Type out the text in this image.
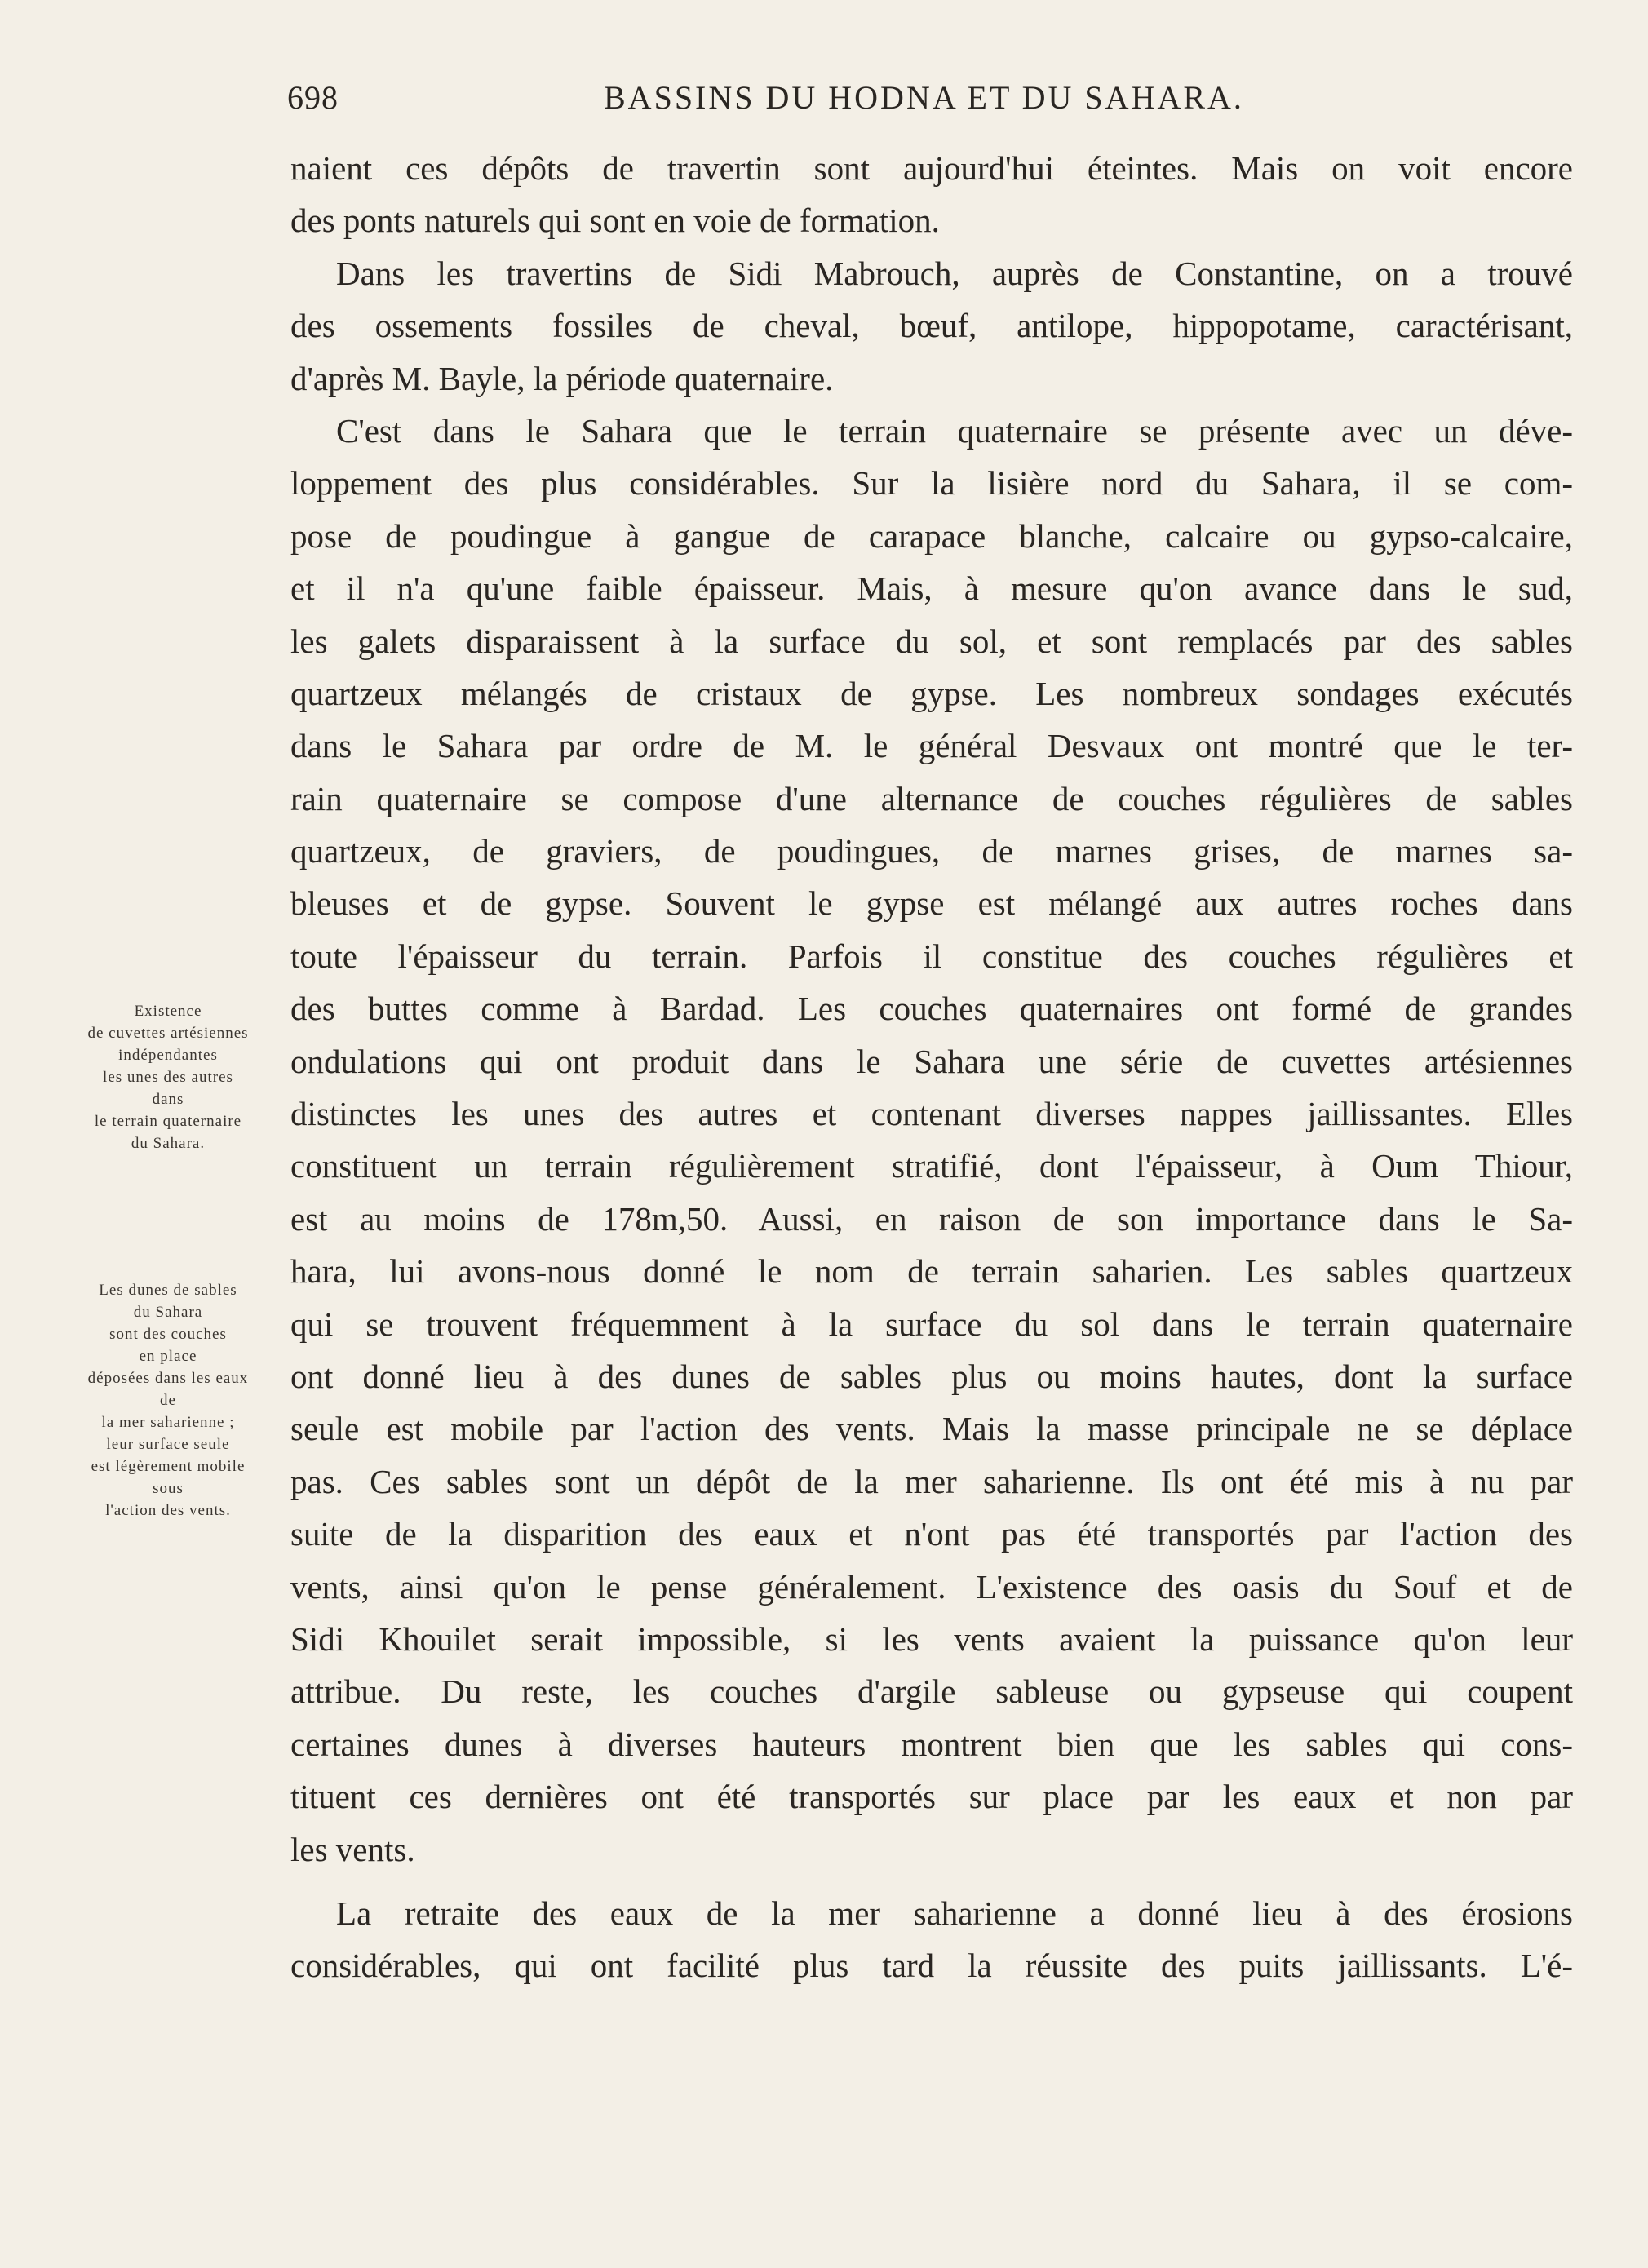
698	BASSINS DU HODNA ET DU SAHARA.
Existence
de cuvettes artésiennes
indépendantes
les unes des autres
dans
le terrain quaternaire
du Sahara.
Les dunes de sables
du Sahara
sont des couches
en place
déposées dans les eaux
de
la mer saharienne ;
leur surface seule
est légèrement mobile
sous
l'action des vents.
naient ces dépôts de travertin sont aujourd'hui éteintes. Mais on voit encore
des ponts naturels qui sont en voie de formation.
Dans les travertins de Sidi Mabrouch, auprès de Constantine, on a trouvé
des ossements fossiles de cheval, bœuf, antilope, hippopotame, caractérisant,
d'après M. Bayle, la période quaternaire.
C'est dans le Sahara que le terrain quaternaire se présente avec un déve-
loppement des plus considérables. Sur la lisière nord du Sahara, il se com-
pose de poudingue à gangue de carapace blanche, calcaire ou gypso-calcaire,
et il n'a qu'une faible épaisseur. Mais, à mesure qu'on avance dans le sud,
les galets disparaissent à la surface du sol, et sont remplacés par des sables
quartzeux mélangés de cristaux de gypse. Les nombreux sondages exécutés
dans le Sahara par ordre de M. le général Desvaux ont montré que le ter-
rain quaternaire se compose d'une alternance de couches régulières de sables
quartzeux, de graviers, de poudingues, de marnes grises, de marnes sa-
bleuses et de gypse. Souvent le gypse est mélangé aux autres roches dans
toute l'épaisseur du terrain. Parfois il constitue des couches régulières et
des buttes comme à Bardad. Les couches quaternaires ont formé de grandes
ondulations qui ont produit dans le Sahara une série de cuvettes artésiennes
distinctes les unes des autres et contenant diverses nappes jaillissantes. Elles
constituent un terrain régulièrement stratifié, dont l'épaisseur, à Oum Thiour,
est au moins de 178m,50. Aussi, en raison de son importance dans le Sa-
hara, lui avons-nous donné le nom de terrain saharien. Les sables quartzeux
qui se trouvent fréquemment à la surface du sol dans le terrain quaternaire
ont donné lieu à des dunes de sables plus ou moins hautes, dont la surface
seule est mobile par l'action des vents. Mais la masse principale ne se déplace
pas. Ces sables sont un dépôt de la mer saharienne. Ils ont été mis à nu par
suite de la disparition des eaux et n'ont pas été transportés par l'action des
vents, ainsi qu'on le pense généralement. L'existence des oasis du Souf et de
Sidi Khouilet serait impossible, si les vents avaient la puissance qu'on leur
attribue. Du reste, les couches d'argile sableuse ou gypseuse qui coupent
certaines dunes à diverses hauteurs montrent bien que les sables qui cons-
tituent ces dernières ont été transportés sur place par les eaux et non par
les vents.
La retraite des eaux de la mer saharienne a donné lieu à des érosions
considérables, qui ont facilité plus tard la réussite des puits jaillissants. L'é-
